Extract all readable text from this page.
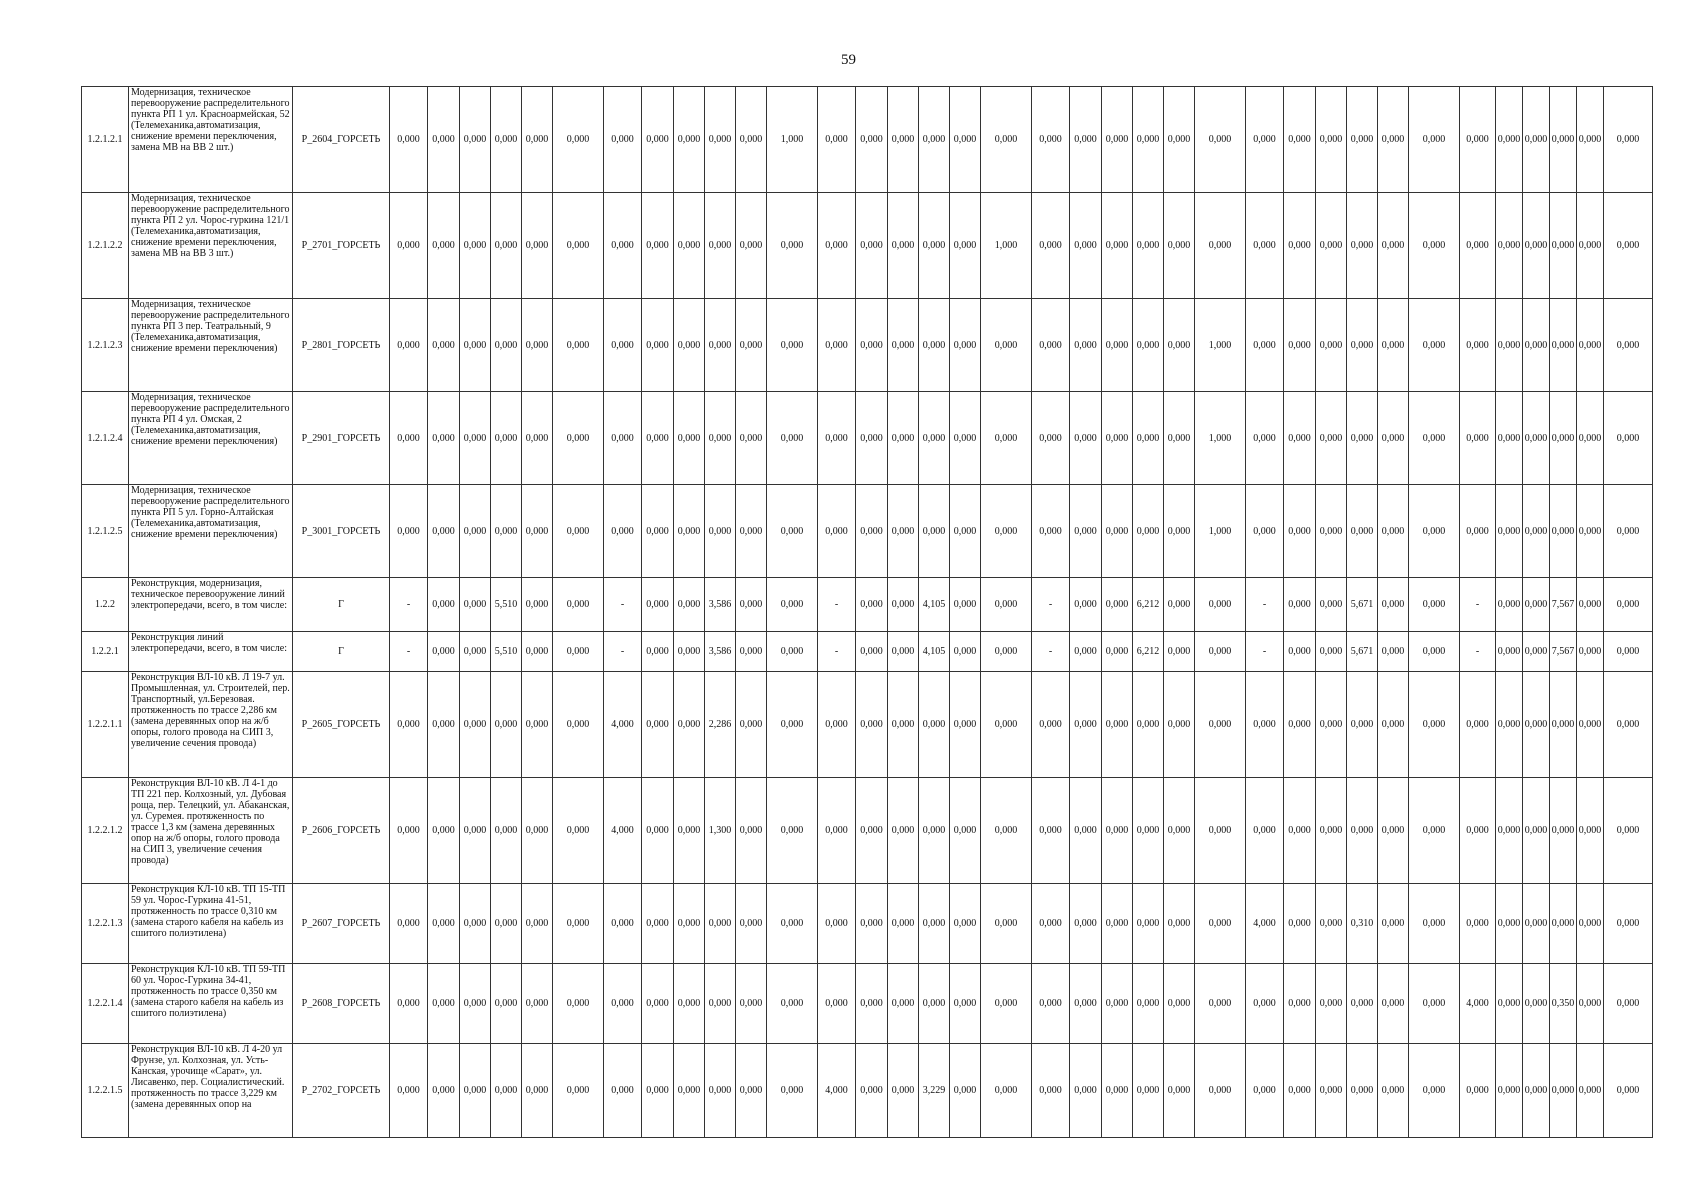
59
1.2.1.2.1	Модернизация, техническое перевооружение распределительного пункта РП 1 ул. Красноармейская, 52 (Телемеханика,автоматизация, снижение времени переключения, замена МВ на ВВ 2 шт.)	P_2604_ГОРСЕТЬ	0,000	0,000	0,000	0,000	0,000	0,000	0,000	0,000	0,000	0,000	0,000	1,000	0,000	0,000	0,000	0,000	0,000	0,000	0,000	0,000	0,000	0,000	0,000	0,000	0,000	0,000	0,000	0,000	0,000	0,000	0,000	0,000	0,000	0,000	0,000	0,000
1.2.1.2.2	Модернизация, техническое перевооружение распределительного пункта РП 2 ул. Чорос-гуркина 121/1 (Телемеханика,автоматизация, снижение времени переключения, замена МВ на ВВ 3 шт.)	P_2701_ГОРСЕТЬ	0,000	0,000	0,000	0,000	0,000	0,000	0,000	0,000	0,000	0,000	0,000	0,000	0,000	0,000	0,000	0,000	0,000	1,000	0,000	0,000	0,000	0,000	0,000	0,000	0,000	0,000	0,000	0,000	0,000	0,000	0,000	0,000	0,000	0,000	0,000	0,000
1.2.1.2.3	Модернизация, техническое перевооружение распределительного пункта РП 3 пер. Театральный, 9 (Телемеханика,автоматизация, снижение времени переключения)	P_2801_ГОРСЕТЬ	0,000	0,000	0,000	0,000	0,000	0,000	0,000	0,000	0,000	0,000	0,000	0,000	0,000	0,000	0,000	0,000	0,000	0,000	0,000	0,000	0,000	0,000	0,000	1,000	0,000	0,000	0,000	0,000	0,000	0,000	0,000	0,000	0,000	0,000	0,000	0,000
1.2.1.2.4	Модернизация, техническое перевооружение распределительного пункта РП 4 ул. Омская, 2 (Телемеханика,автоматизация, снижение времени переключения)	P_2901_ГОРСЕТЬ	0,000	0,000	0,000	0,000	0,000	0,000	0,000	0,000	0,000	0,000	0,000	0,000	0,000	0,000	0,000	0,000	0,000	0,000	0,000	0,000	0,000	0,000	0,000	1,000	0,000	0,000	0,000	0,000	0,000	0,000	0,000	0,000	0,000	0,000	0,000	0,000
1.2.1.2.5	Модернизация, техническое перевооружение распределительного пункта РП 5 ул. Горно-Алтайская (Телемеханика,автоматизация, снижение времени переключения)	P_3001_ГОРСЕТЬ	0,000	0,000	0,000	0,000	0,000	0,000	0,000	0,000	0,000	0,000	0,000	0,000	0,000	0,000	0,000	0,000	0,000	0,000	0,000	0,000	0,000	0,000	0,000	1,000	0,000	0,000	0,000	0,000	0,000	0,000	0,000	0,000	0,000	0,000	0,000	0,000
1.2.2	Реконструкция, модернизация, техническое перевооружение линий электропередачи, всего, в том числе:	Г	-	0,000	0,000	5,510	0,000	0,000	-	0,000	0,000	3,586	0,000	0,000	-	0,000	0,000	4,105	0,000	0,000	-	0,000	0,000	6,212	0,000	0,000	-	0,000	0,000	5,671	0,000	0,000	-	0,000	0,000	7,567	0,000	0,000
1.2.2.1	Реконструкция линий электропередачи, всего, в том числе:	Г	-	0,000	0,000	5,510	0,000	0,000	-	0,000	0,000	3,586	0,000	0,000	-	0,000	0,000	4,105	0,000	0,000	-	0,000	0,000	6,212	0,000	0,000	-	0,000	0,000	5,671	0,000	0,000	-	0,000	0,000	7,567	0,000	0,000
1.2.2.1.1	Реконструкция ВЛ-10 кВ. Л 19-7 ул. Промышленная, ул. Строителей, пер. Транспортный, ул.Березовая. протяженность по трассе 2,286 км (замена деревянных опор на ж/б опоры, голого провода на СИП 3, увеличение сечения провода)	P_2605_ГОРСЕТЬ	0,000	0,000	0,000	0,000	0,000	0,000	4,000	0,000	0,000	2,286	0,000	0,000	0,000	0,000	0,000	0,000	0,000	0,000	0,000	0,000	0,000	0,000	0,000	0,000	0,000	0,000	0,000	0,000	0,000	0,000	0,000	0,000	0,000	0,000	0,000	0,000
1.2.2.1.2	Реконструкция ВЛ-10 кВ. Л 4-1 до ТП 221 пер. Колхозный, ул. Дубовая роща, пер. Телецкий, ул. Абаканская, ул. Суремея. протяженность по трассе 1,3 км (замена деревянных опор на ж/б опоры, голого провода на СИП 3, увеличение сечения провода)	P_2606_ГОРСЕТЬ	0,000	0,000	0,000	0,000	0,000	0,000	4,000	0,000	0,000	1,300	0,000	0,000	0,000	0,000	0,000	0,000	0,000	0,000	0,000	0,000	0,000	0,000	0,000	0,000	0,000	0,000	0,000	0,000	0,000	0,000	0,000	0,000	0,000	0,000	0,000	0,000
1.2.2.1.3	Реконструкция КЛ-10 кВ. ТП 15-ТП 59 ул. Чорос-Гуркина 41-51, протяженность по трассе 0,310 км (замена старого кабеля на кабель из сшитого полиэтилена)	P_2607_ГОРСЕТЬ	0,000	0,000	0,000	0,000	0,000	0,000	0,000	0,000	0,000	0,000	0,000	0,000	0,000	0,000	0,000	0,000	0,000	0,000	0,000	0,000	0,000	0,000	0,000	0,000	4,000	0,000	0,000	0,310	0,000	0,000	0,000	0,000	0,000	0,000	0,000	0,000
1.2.2.1.4	Реконструкция КЛ-10 кВ. ТП 59-ТП 60 ул. Чорос-Гуркина 34-41, протяженность по трассе 0,350 км (замена старого кабеля на кабель из сшитого полиэтилена)	P_2608_ГОРСЕТЬ	0,000	0,000	0,000	0,000	0,000	0,000	0,000	0,000	0,000	0,000	0,000	0,000	0,000	0,000	0,000	0,000	0,000	0,000	0,000	0,000	0,000	0,000	0,000	0,000	0,000	0,000	0,000	0,000	0,000	0,000	4,000	0,000	0,000	0,350	0,000	0,000
1.2.2.1.5	Реконструкция ВЛ-10 кВ. Л 4-20 ул Фрунзе, ул. Колхозная, ул. Усть-Канская, урочище «Сарат», ул. Лисавенко, пер. Социалистический. протяженность по трассе 3,229 км (замена деревянных опор на	P_2702_ГОРСЕТЬ	0,000	0,000	0,000	0,000	0,000	0,000	0,000	0,000	0,000	0,000	0,000	0,000	4,000	0,000	0,000	3,229	0,000	0,000	0,000	0,000	0,000	0,000	0,000	0,000	0,000	0,000	0,000	0,000	0,000	0,000	0,000	0,000	0,000	0,000	0,000	0,000
